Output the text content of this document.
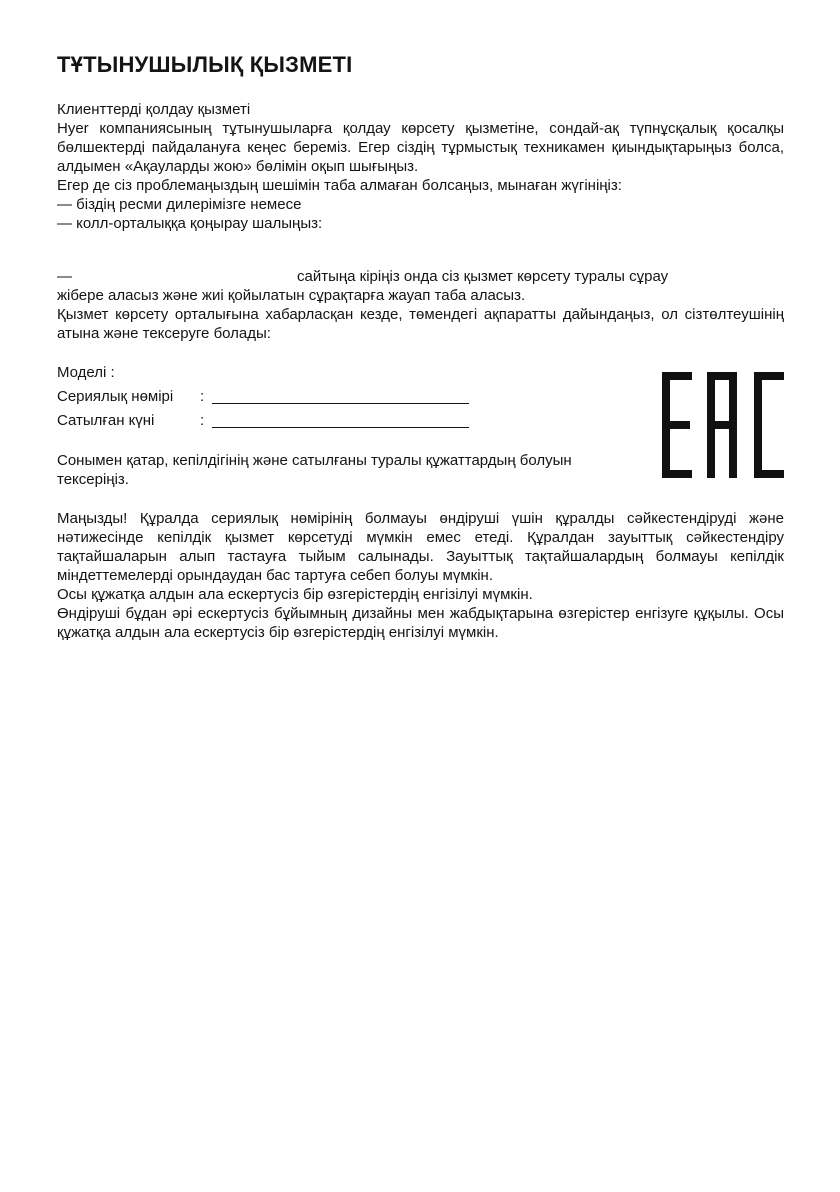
ТҰТЫНУШЫЛЫҚ ҚЫЗМЕТІ

Клиенттерді қолдау қызметі

Hyer компаниясының тұтынушыларға қолдау көрсету қызметіне, сондай-ақ түпнұсқалық қосалқы бөлшектерді пайдалануға кеңес береміз. Егер сіздің тұрмыстық техникамен қиындықтарыңыз болса, алдымен «Ақауларды жою» бөлімін оқып шығыңыз.

Егер де сіз проблемаңыздың шешімін таба алмаған болсаңыз, мынаған жүгініңіз:

— біздің ресми дилерімізге немесе

— колл-орталыққа қоңырау шалыңыз:

—	сайтыңа кіріңіз онда сіз қызмет көрсету туралы сұрау

жібере аласыз және жиі қойылатын сұрақтарға жауап таба аласыз.

Қызмет көрсету орталығына хабарласқан кезде, төмендегі ақпаратты дайындаңыз, ол сізтөлтеушінің атына және тексеруге болады:

Моделі :
Сериялық нөмірі :
Сатылған күні	:

Сонымен қатар, кепілдігінің және сатылғаны туралы құжаттардың болуын тексеріңіз.

Маңызды! Құралда сериялық нөмірінің болмауы өндіруші үшін құралды сәйкестендіруді және нәтижесінде кепілдік қызмет көрсетуді мүмкін емес етеді. Құралдан зауыттық сәйкестендіру тақтайшаларын алып тастауға тыйым салынады. Зауыттық тақтайшалардың болмауы кепілдік міндеттемелерді орындаудан бас тартуға себеп болуы мүмкін.

Осы құжатқа алдын ала ескертусіз бір өзгерістердің енгізілуі мүмкін.

Өндіруші бұдан әрі ескертусіз бұйымның дизайны мен жабдықтарына өзгерістер енгізуге құқылы. Осы құжатқа алдын ала ескертусіз бір өзгерістердің енгізілуі мүмкін.
